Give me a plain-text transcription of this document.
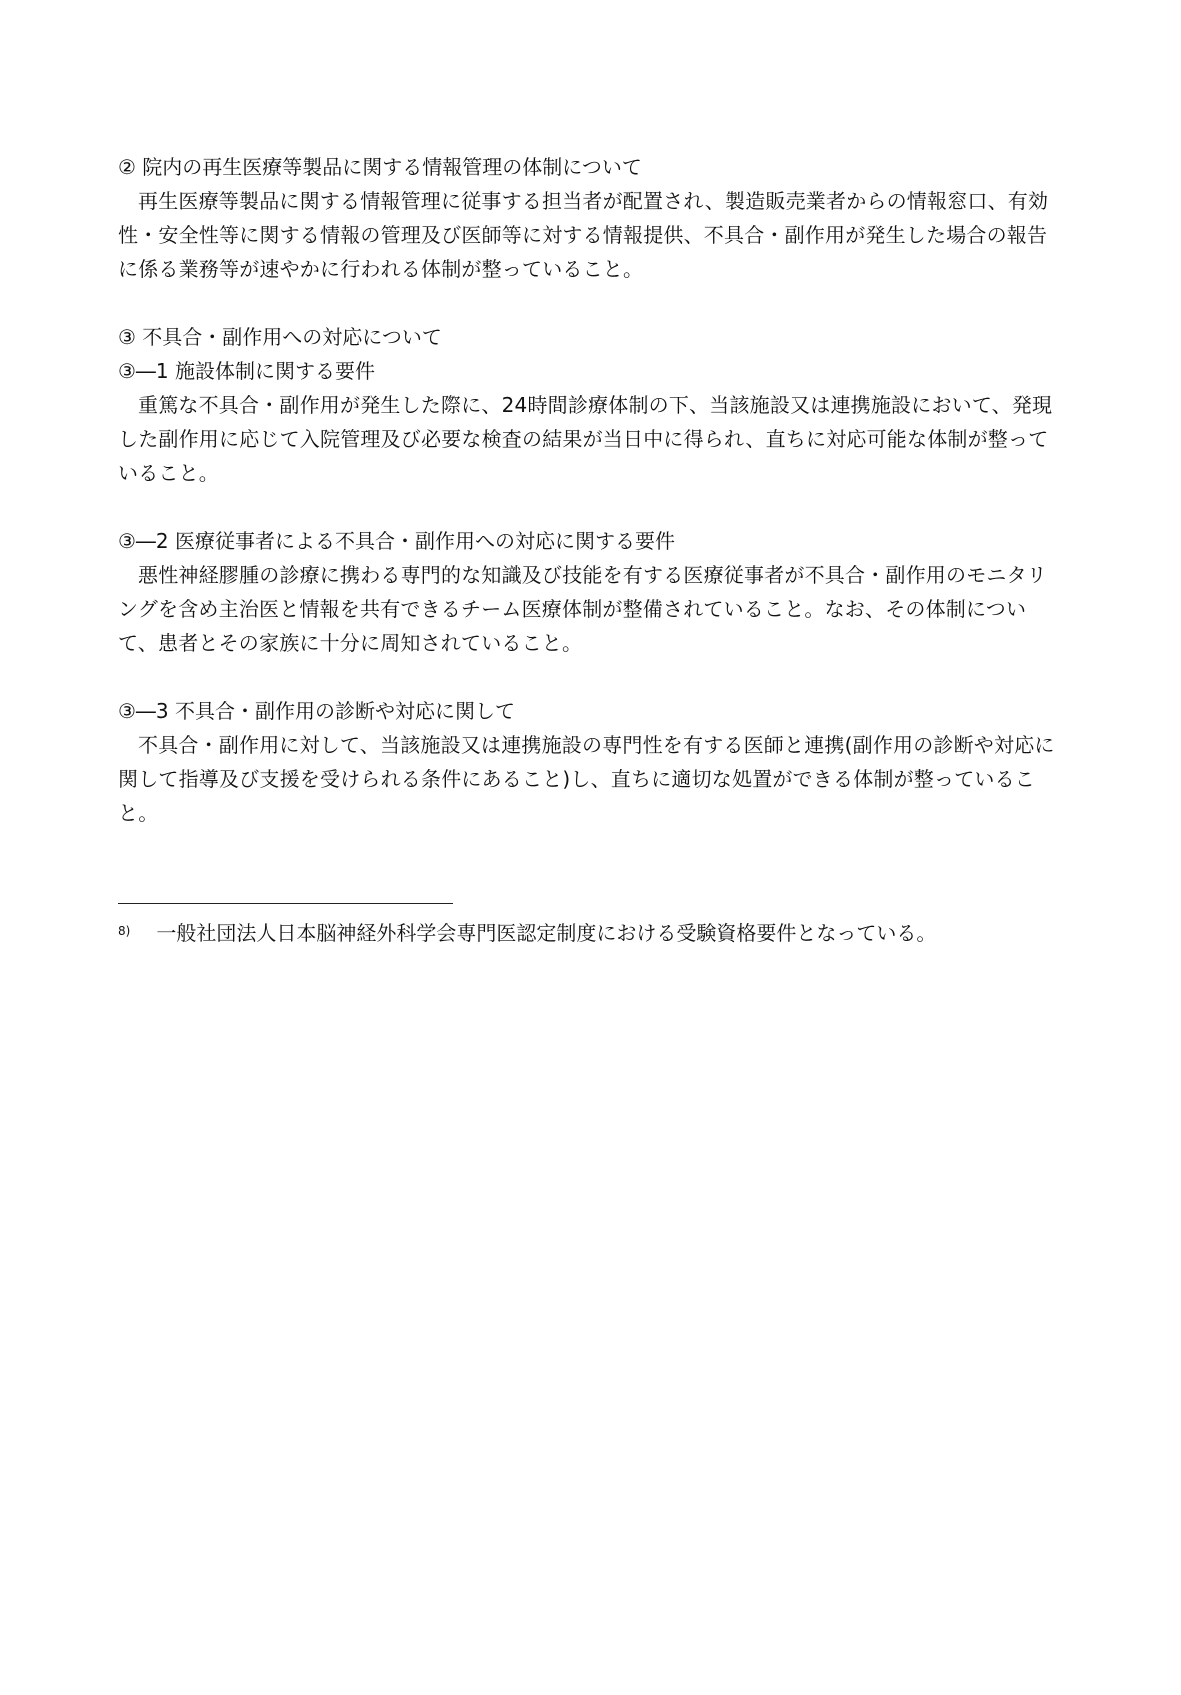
② 院内の再生医療等製品に関する情報管理の体制について

再生医療等製品に関する情報管理に従事する担当者が配置され、製造販売業者からの情報窓口、有効性・安全性等に関する情報の管理及び医師等に対する情報提供、不具合・副作用が発生した場合の報告に係る業務等が速やかに行われる体制が整っていること。

③ 不具合・副作用への対応について

③―1 施設体制に関する要件

重篤な不具合・副作用が発生した際に、24時間診療体制の下、当該施設又は連携施設において、発現した副作用に応じて入院管理及び必要な検査の結果が当日中に得られ、直ちに対応可能な体制が整っていること。

③―2 医療従事者による不具合・副作用への対応に関する要件

悪性神経膠腫の診療に携わる専門的な知識及び技能を有する医療従事者が不具合・副作用のモニタリングを含め主治医と情報を共有できるチーム医療体制が整備されていること。なお、その体制について、患者とその家族に十分に周知されていること。

③―3 不具合・副作用の診断や対応に関して

不具合・副作用に対して、当該施設又は連携施設の専門性を有する医師と連携(副作用の診断や対応に関して指導及び支援を受けられる条件にあること)し、直ちに適切な処置ができる体制が整っていること。

$^{8)}$ 一般社団法人日本脳神経外科学会専門医認定制度における受験資格要件となっている。
